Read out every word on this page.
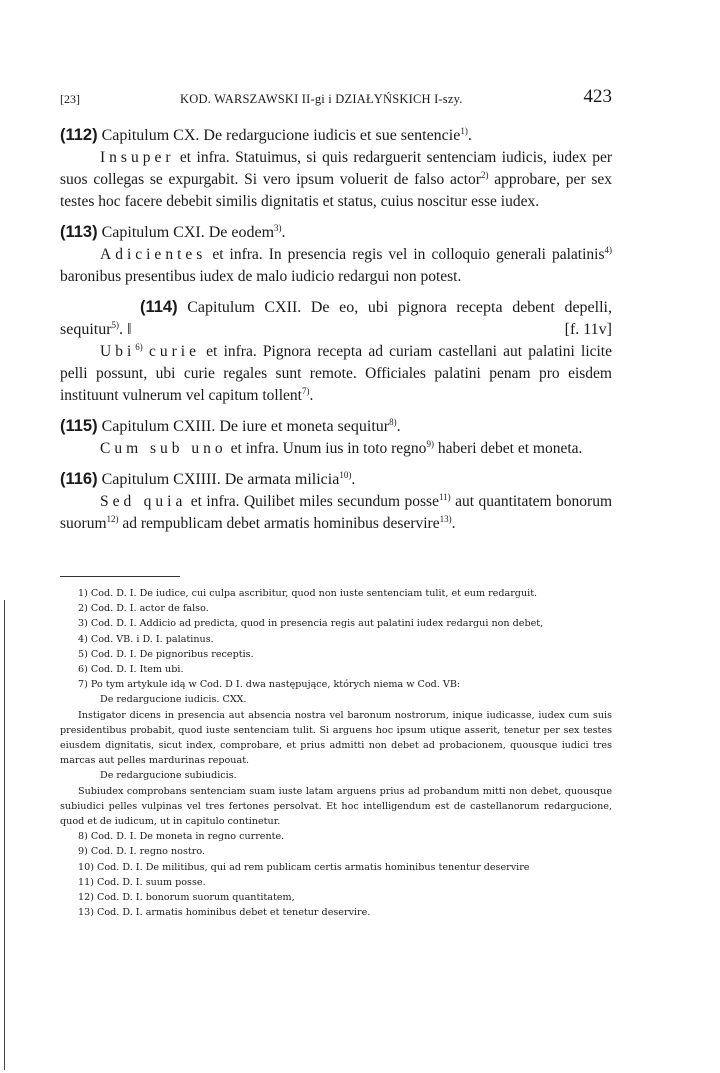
[23]	KOD. WARSZAWSKI II-gi i DZIAŁYŃSKICH I-szy.	423

(112) Capitulum CX. De redargucione iudicis et sue sentencie$^{1)}$.

Insuper et infra. Statuimus, si quis redarguerit sentenciam iudicis, iudex per suos collegas se expurgabit. Si vero ipsum voluerit de falso actor$^{2)}$ approbare, per sex testes hoc facere debebit similis dignitatis et status, cuius noscitur esse iudex.

(113) Capitulum CXI. De eodem$^{3)}$.

Adicientes et infra. In presencia regis vel in colloquio generali palatinis$^{4)}$ baronibus presentibus iudex de malo iudicio redargui non potest.

(114) Capitulum CXII. De eo, ubi pignora recepta debent depelli, sequitur$^{5)}$. ‖	[f. 11v]

Ubi$^{6)}$ curie et infra. Pignora recepta ad curiam castellani aut palatini licite pelli possunt, ubi curie regales sunt remote. Officiales palatini penam pro eisdem instituunt vulnerum vel capitum tollent$^{7)}$.

(115) Capitulum CXIII. De iure et moneta sequitur$^{8)}$.

Cum sub uno et infra. Unum ius in toto regno$^{9)}$ haberi debet et moneta.

(116) Capitulum CXIIII. De armata milicia$^{10)}$.

Sed quia et infra. Quilibet miles secundum posse$^{11)}$ aut quantitatem bonorum suorum$^{12)}$ ad rempublicam debet armatis hominibus deservire$^{13)}$.

1) Cod. D. I. De iudice, cui culpa ascribitur, quod non iuste sentenciam tulit, et eum redarguit.

2) Cod. D. I. actor de falso.

3) Cod. D. I. Addicio ad predicta, quod in presencia regis aut palatini iudex redargui non debet,

4) Cod. VB. i D. I. palatinus.

5) Cod. D. I. De pignoribus receptis.

6) Cod. D. I. Item ubi.

7) Po tym artykule idą w Cod. D I. dwa następujące, których niema w Cod. VB:

De redargucione iudicis. CXX.

Instigator dicens in presencia aut absencia nostra vel baronum nostrorum, inique iudicasse, iudex cum suis presidentibus probabit, quod iuste sentenciam tulit. Si arguens hoc ipsum utique asserit, tenetur per sex testes eiusdem dignitatis, sicut index, comprobare, et prius admitti non debet ad probacionem, quousque iudici tres marcas aut pelles mardurinas repouat.

De redargucione subiudicis.

Subiudex comprobans sentenciam suam iuste latam arguens prius ad probandum mitti non debet, quousque subiudici pelles vulpinas vel tres fertones persolvat. Et hoc intelligendum est de castellanorum redargucione, quod et de iudicum, ut in capitulo continetur.

8) Cod. D. I. De moneta in regno currente.

9) Cod. D. I. regno nostro.

10) Cod. D. I. De militibus, qui ad rem publicam certis armatis hominibus tenentur deservire

11) Cod. D. I. suum posse.

12) Cod. D. I. bonorum suorum quantitatem,

13) Cod. D. I. armatis hominibus debet et tenetur deservire.
